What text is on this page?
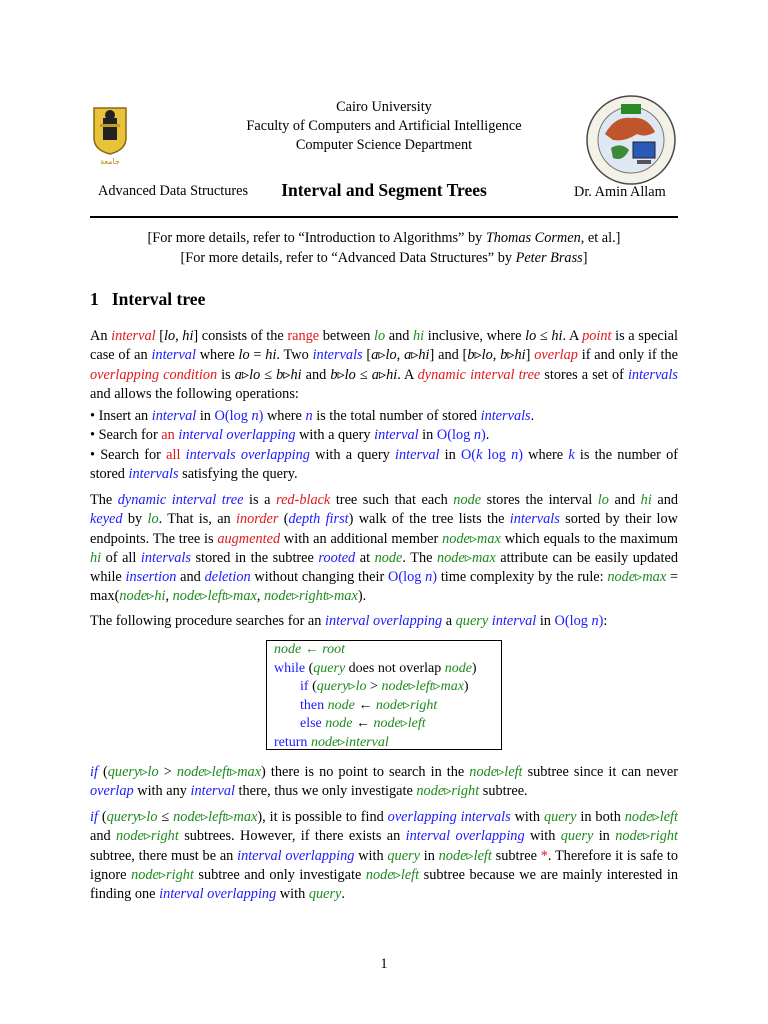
ﺟﺎﻣﻌﺔ
Cairo University
Faculty of Computers and Artificial Intelligence
Computer Science Department
Advanced Data Structures	Interval and Segment Trees	Dr. Amin Allam
[For more details, refer to “Introduction to Algorithms” by Thomas Cormen, et al.]
[For more details, refer to “Advanced Data Structures” by Peter Brass]
1 Interval tree

An interval [lo, hi] consists of the range between lo and hi inclusive, where lo ≤ hi. A point is a special case of an interval where lo = hi. Two intervals [a▹lo, a▹hi] and [b▹lo, b▹hi] overlap if and only if the overlapping condition is a▹lo ≤ b▹hi and b▹lo ≤ a▹hi. A dynamic interval tree stores a set of intervals and allows the following operations:

• Insert an interval in O(log n) where n is the total number of stored intervals.
• Search for an interval overlapping with a query interval in O(log n).
• Search for all intervals overlapping with a query interval in O(k log n) where k is the number of stored intervals satisfying the query.

The dynamic interval tree is a red-black tree such that each node stores the interval lo and hi and keyed by lo. That is, an inorder (depth first) walk of the tree lists the intervals sorted by their low endpoints. The tree is augmented with an additional member node▹max which equals to the maximum hi of all intervals stored in the subtree rooted at node. The node▹max attribute can be easily updated while insertion and deletion without changing their O(log n) time complexity by the rule: node▹max = max(node▹hi, node▹left▹max, node▹right▹max).

The following procedure searches for an interval overlapping a query interval in O(log n):

node ← root
while (query does not overlap node)
if (query▹lo > node▹left▹max)
then node ← node▹right
else node ← node▹left
return node▹interval

if (query▹lo > node▹left▹max) there is no point to search in the node▹left subtree since it can never overlap with any interval there, thus we only investigate node▹right subtree.

if (query▹lo ≤ node▹left▹max), it is possible to find overlapping intervals with query in both node▹left and node▹right subtrees. However, if there exists an interval overlapping with query in node▹right subtree, there must be an interval overlapping with query in node▹left subtree *. Therefore it is safe to ignore node▹right subtree and only investigate node▹left subtree because we are mainly interested in finding one interval overlapping with query.

1
